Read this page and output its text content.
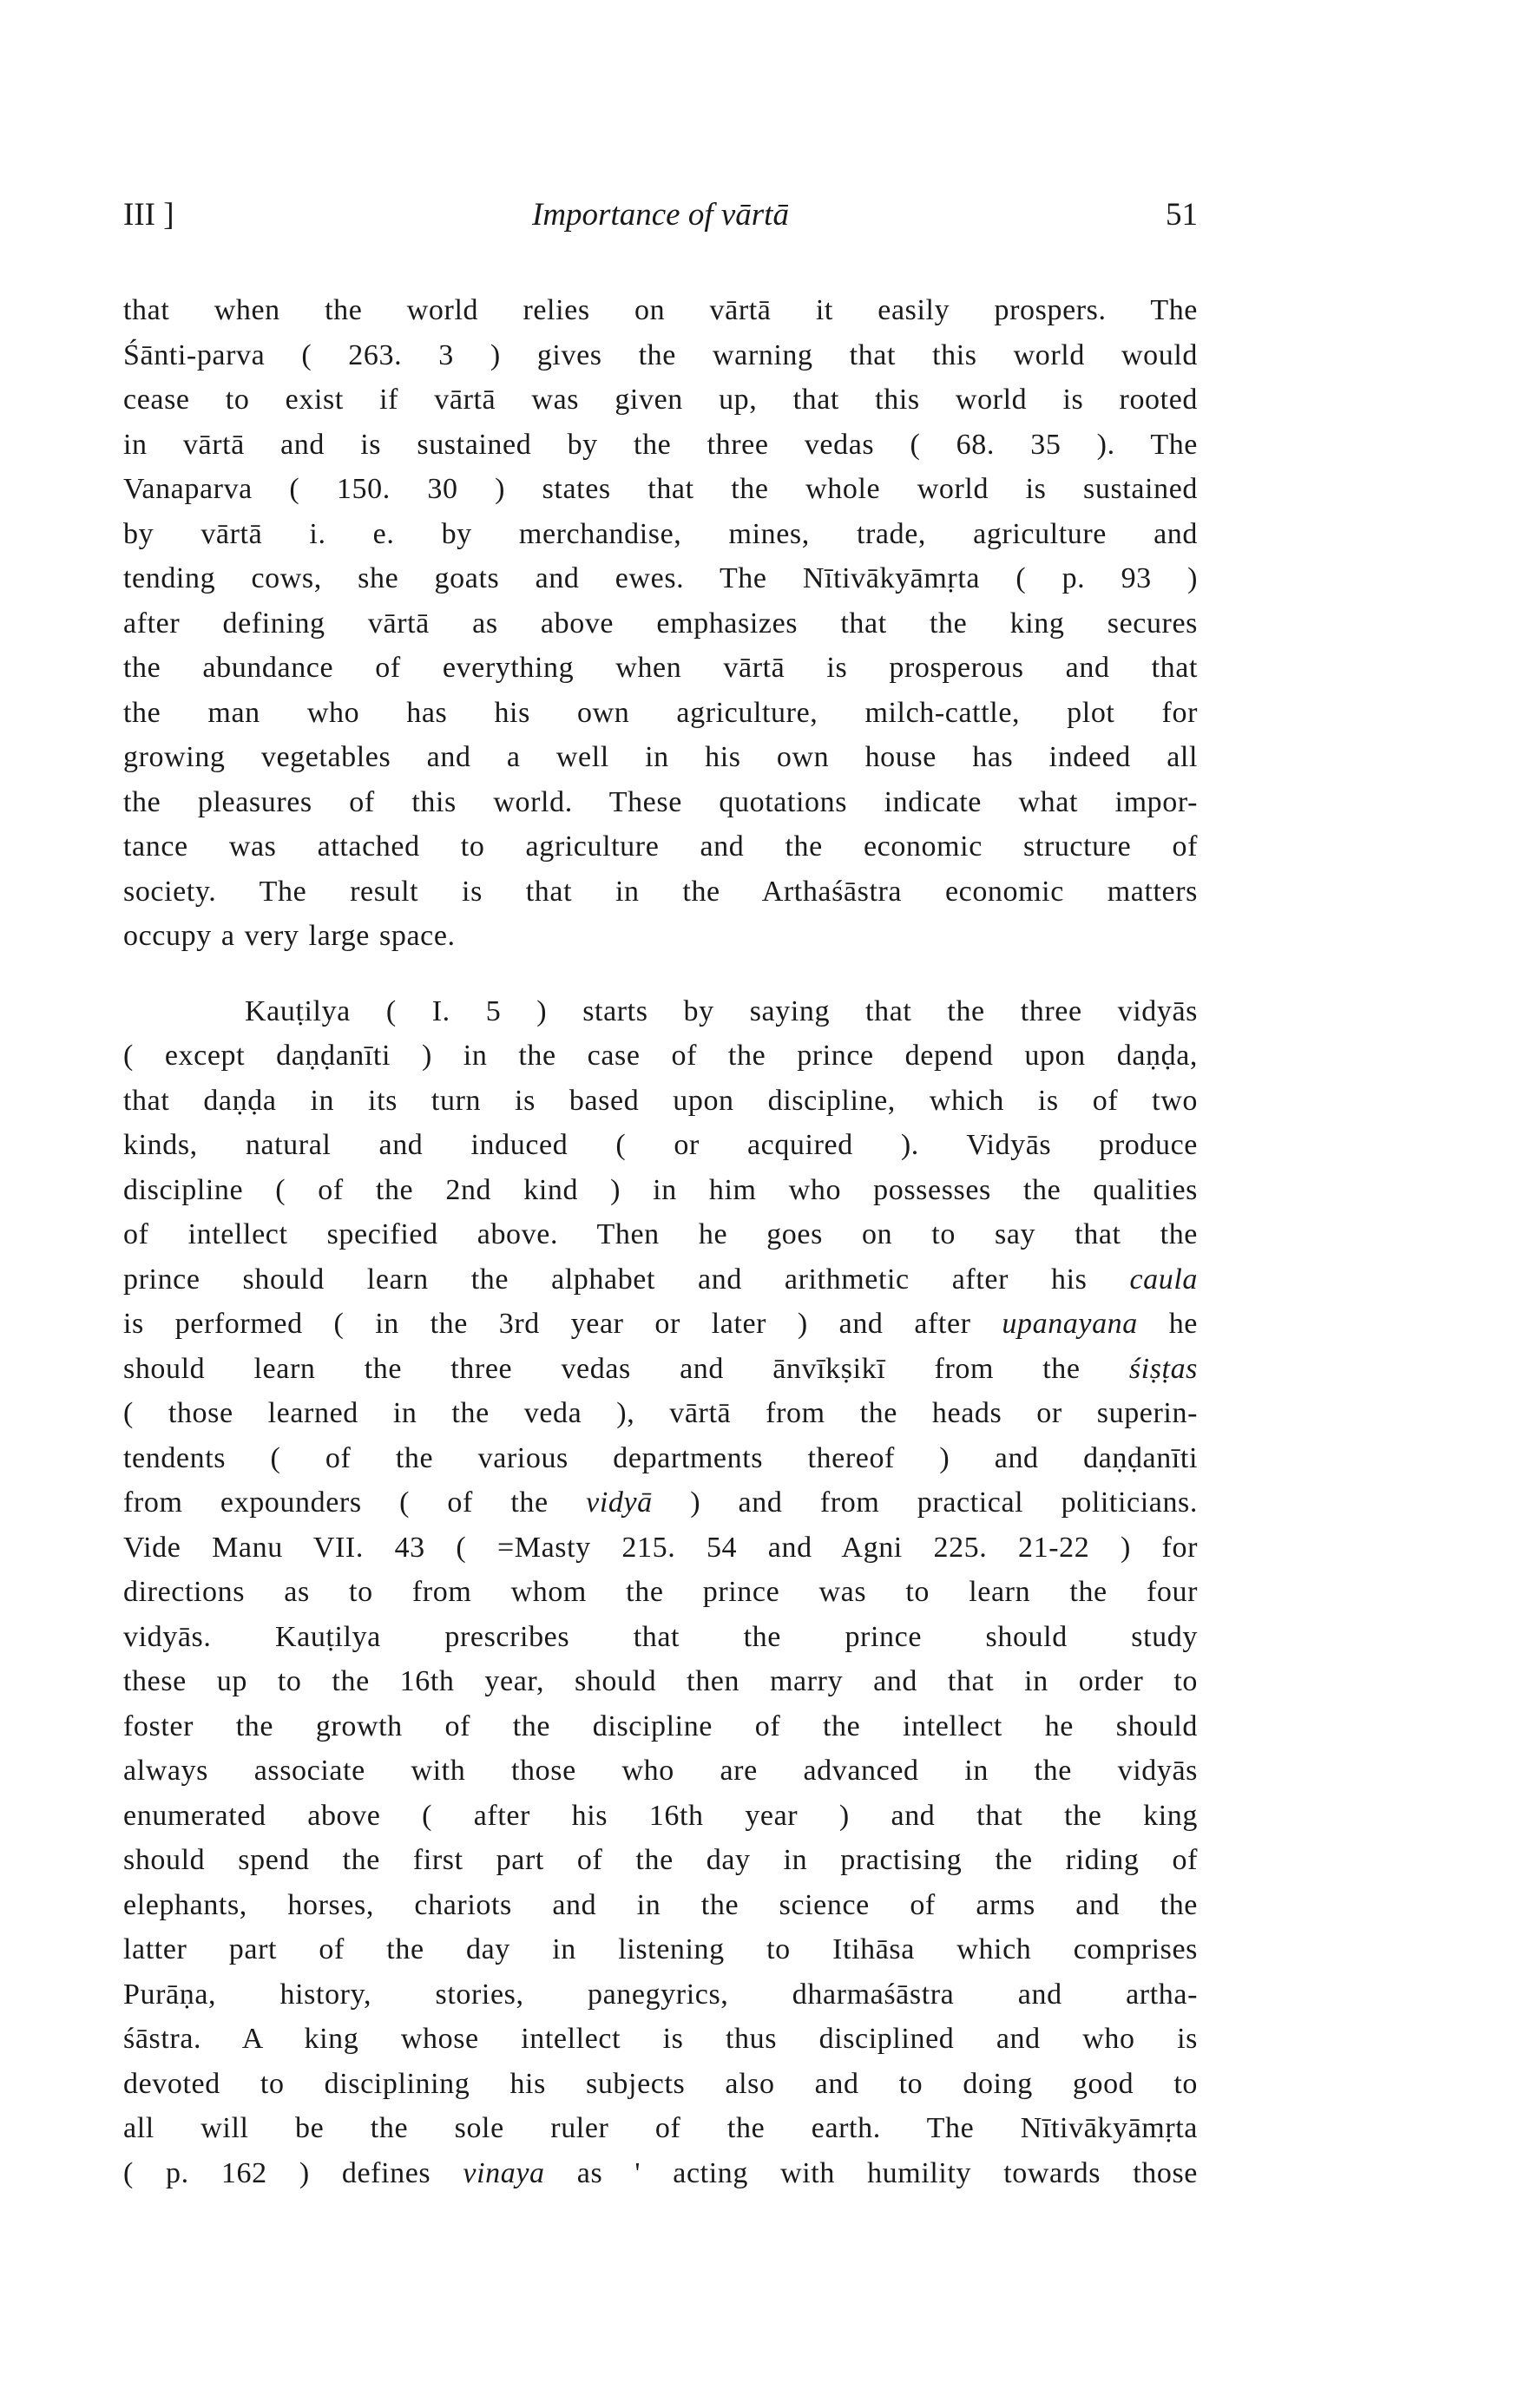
III ]	Importance of vārtā	51
that when the world relies on vārtā it easily prospers. The
Śānti-parva ( 263. 3 ) gives the warning that this world would
cease to exist if vārtā was given up, that this world is rooted
in vārtā and is sustained by the three vedas ( 68. 35 ). The
Vanaparva ( 150. 30 ) states that the whole world is sustained
by vārtā i. e. by merchandise, mines, trade, agriculture and
tending cows, she goats and ewes. The Nītivākyāmṛta ( p. 93 )
after defining vārtā as above emphasizes that the king secures
the abundance of everything when vārtā is prosperous and that
the man who has his own agriculture, milch-cattle, plot for
growing vegetables and a well in his own house has indeed all
the pleasures of this world. These quotations indicate what impor-
tance was attached to agriculture and the economic structure of
society. The result is that in the Arthaśāstra economic matters
occupy a very large space.
Kauṭilya ( I. 5 ) starts by saying that the three vidyās
( except daṇḍanīti ) in the case of the prince depend upon daṇḍa,
that daṇḍa in its turn is based upon discipline, which is of two
kinds, natural and induced ( or acquired ). Vidyās produce
discipline ( of the 2nd kind ) in him who possesses the qualities
of intellect specified above. Then he goes on to say that the
prince should learn the alphabet and arithmetic after his caula
is performed ( in the 3rd year or later ) and after upanayana he
should learn the three vedas and ānvīkṣikī from the śiṣṭas
( those learned in the veda ), vārtā from the heads or superin-
tendents ( of the various departments thereof ) and daṇḍanīti
from expounders ( of the vidyā ) and from practical politicians.
Vide Manu VII. 43 ( =Masty 215. 54 and Agni 225. 21-22 ) for
directions as to from whom the prince was to learn the four
vidyās. Kauṭilya prescribes that the prince should study
these up to the 16th year, should then marry and that in order to
foster the growth of the discipline of the intellect he should
always associate with those who are advanced in the vidyās
enumerated above ( after his 16th year ) and that the king
should spend the first part of the day in practising the riding of
elephants, horses, chariots and in the science of arms and the
latter part of the day in listening to Itihāsa which comprises
Purāṇa, history, stories, panegyrics, dharmaśāstra and artha-
śāstra. A king whose intellect is thus disciplined and who is
devoted to disciplining his subjects also and to doing good to
all will be the sole ruler of the earth. The Nītivākyāmṛta
( p. 162 ) defines vinaya as ' acting with humility towards those
